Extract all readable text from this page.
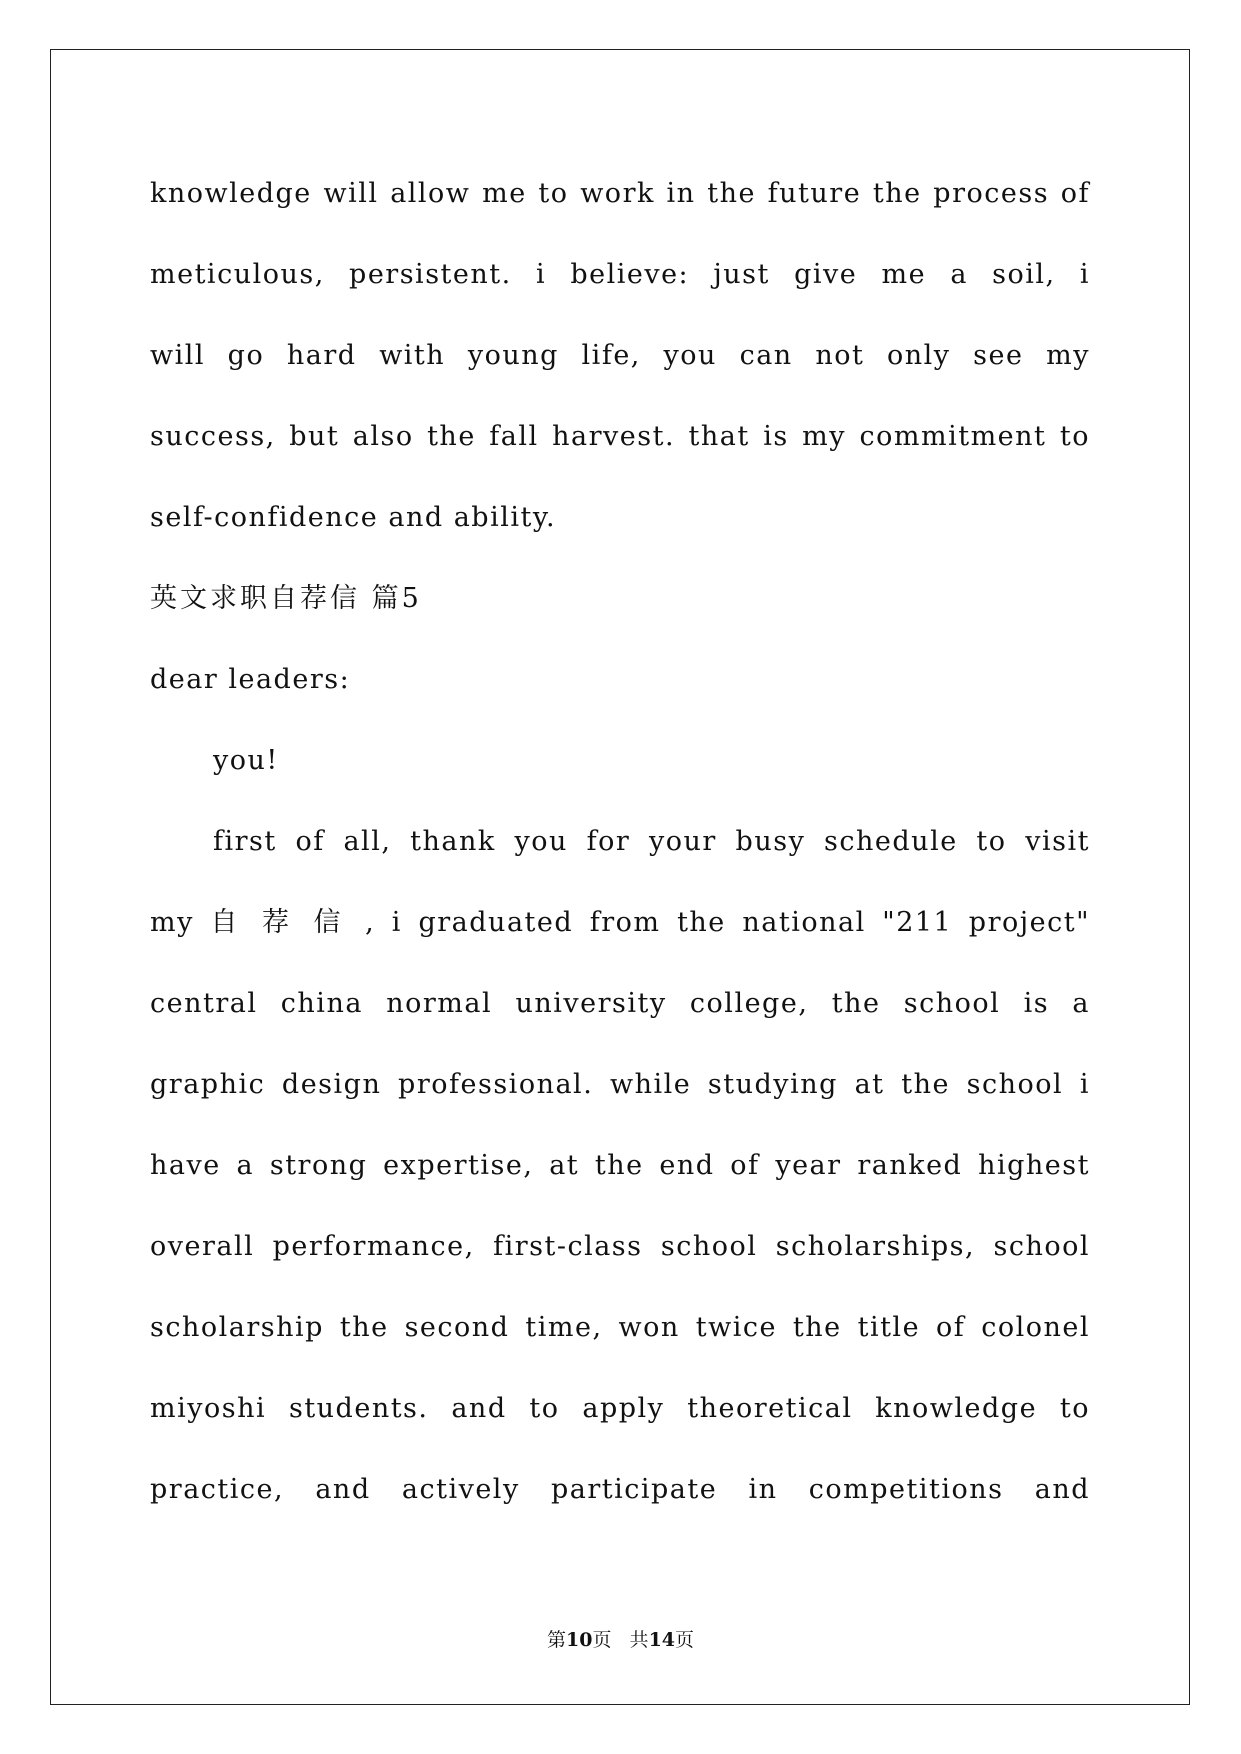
knowledge will allow me to work in the future the process of
meticulous, persistent. i believe: just give me a soil, i
will go hard with young life, you can not only see my
success, but also the fall harvest. that is my commitment to
self-confidence and ability.
英文求职自荐信 篇5
dear leaders:
you!
first of all, thank you for your busy schedule to visit
my 自 荐 信 , i graduated from the national "211 project"
central china normal university college, the school is a
graphic design professional. while studying at the school i
have a strong expertise, at the end of year ranked highest
overall performance, first-class school scholarships, school
scholarship the second time, won twice the title of colonel
miyoshi students. and to apply theoretical knowledge to
practice, and actively participate in competitions and
第10页   共14页
